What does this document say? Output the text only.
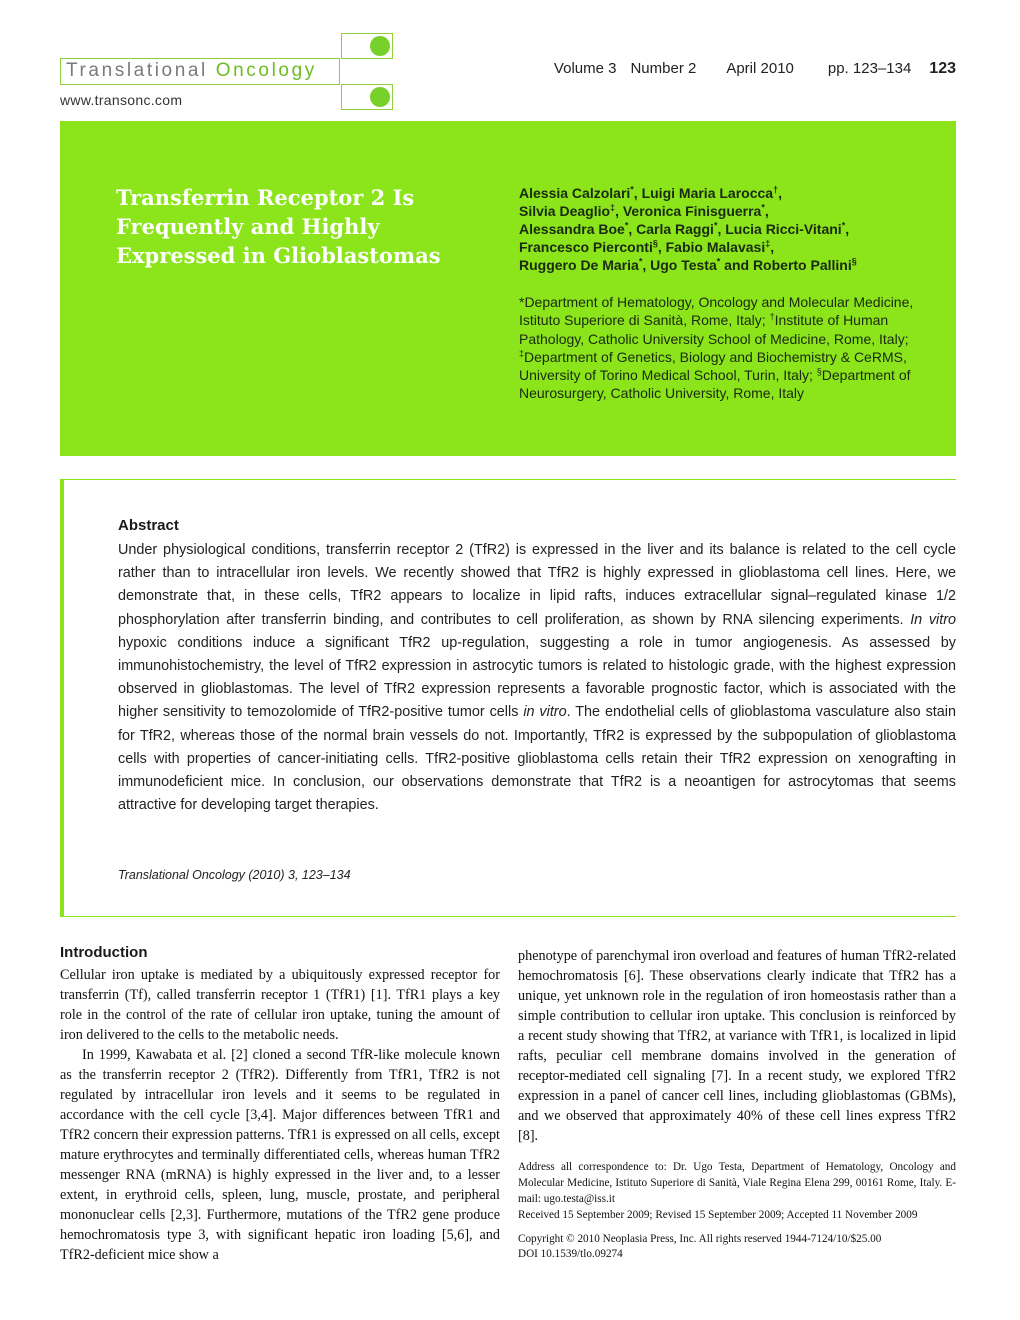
Translational Oncology
www.transonc.com
Volume 3 Number 2 April 2010 pp. 123–134 123
Transferrin Receptor 2 Is Frequently and Highly Expressed in Glioblastomas
Alessia Calzolari*, Luigi Maria Larocca†,
Silvia Deaglio‡, Veronica Finisguerra*,
Alessandra Boe*, Carla Raggi*, Lucia Ricci-Vitani*,
Francesco Pierconti§, Fabio Malavasi‡,
Ruggero De Maria*, Ugo Testa* and Roberto Pallini§
*Department of Hematology, Oncology and Molecular Medicine, Istituto Superiore di Sanità, Rome, Italy; †Institute of Human Pathology, Catholic University School of Medicine, Rome, Italy; ‡Department of Genetics, Biology and Biochemistry & CeRMS, University of Torino Medical School, Turin, Italy; §Department of Neurosurgery, Catholic University, Rome, Italy
Abstract
Under physiological conditions, transferrin receptor 2 (TfR2) is expressed in the liver and its balance is related to the cell cycle rather than to intracellular iron levels. We recently showed that TfR2 is highly expressed in glioblastoma cell lines. Here, we demonstrate that, in these cells, TfR2 appears to localize in lipid rafts, induces extracellular signal–regulated kinase 1/2 phosphorylation after transferrin binding, and contributes to cell proliferation, as shown by RNA silencing experiments. In vitro hypoxic conditions induce a significant TfR2 up-regulation, suggesting a role in tumor angiogenesis. As assessed by immunohistochemistry, the level of TfR2 expression in astrocytic tumors is related to histologic grade, with the highest expression observed in glioblastomas. The level of TfR2 expression represents a favorable prognostic factor, which is associated with the higher sensitivity to temozolomide of TfR2-positive tumor cells in vitro. The endothelial cells of glioblastoma vasculature also stain for TfR2, whereas those of the normal brain vessels do not. Importantly, TfR2 is expressed by the subpopulation of glioblastoma cells with properties of cancer-initiating cells. TfR2-positive glioblastoma cells retain their TfR2 expression on xenografting in immunodeficient mice. In conclusion, our observations demonstrate that TfR2 is a neoantigen for astrocytomas that seems attractive for developing target therapies.
Translational Oncology (2010) 3, 123–134
Introduction

Cellular iron uptake is mediated by a ubiquitously expressed receptor for transferrin (Tf), called transferrin receptor 1 (TfR1) [1]. TfR1 plays a key role in the control of the rate of cellular iron uptake, tuning the amount of iron delivered to the cells to the metabolic needs.

In 1999, Kawabata et al. [2] cloned a second TfR-like molecule known as the transferrin receptor 2 (TfR2). Differently from TfR1, TfR2 is not regulated by intracellular iron levels and it seems to be regulated in accordance with the cell cycle [3,4]. Major differences between TfR1 and TfR2 concern their expression patterns. TfR1 is expressed on all cells, except mature erythrocytes and terminally differentiated cells, whereas human TfR2 messenger RNA (mRNA) is highly expressed in the liver and, to a lesser extent, in erythroid cells, spleen, lung, muscle, prostate, and peripheral mononuclear cells [2,3]. Furthermore, mutations of the TfR2 gene produce hemochromatosis type 3, with significant hepatic iron loading [5,6], and TfR2-deficient mice show a

phenotype of parenchymal iron overload and features of human TfR2-related hemochromatosis [6]. These observations clearly indicate that TfR2 has a unique, yet unknown role in the regulation of iron homeostasis rather than a simple contribution to cellular iron uptake. This conclusion is reinforced by a recent study showing that TfR2, at variance with TfR1, is localized in lipid rafts, peculiar cell membrane domains involved in the generation of receptor-mediated cell signaling [7]. In a recent study, we explored TfR2 expression in a panel of cancer cell lines, including glioblastomas (GBMs), and we observed that approximately 40% of these cell lines express TfR2 [8].
Address all correspondence to: Dr. Ugo Testa, Department of Hematology, Oncology and Molecular Medicine, Istituto Superiore di Sanità, Viale Regina Elena 299, 00161 Rome, Italy. E-mail: ugo.testa@iss.it
Received 15 September 2009; Revised 15 September 2009; Accepted 11 November 2009
Copyright © 2010 Neoplasia Press, Inc. All rights reserved 1944-7124/10/$25.00
DOI 10.1539/tlo.09274
